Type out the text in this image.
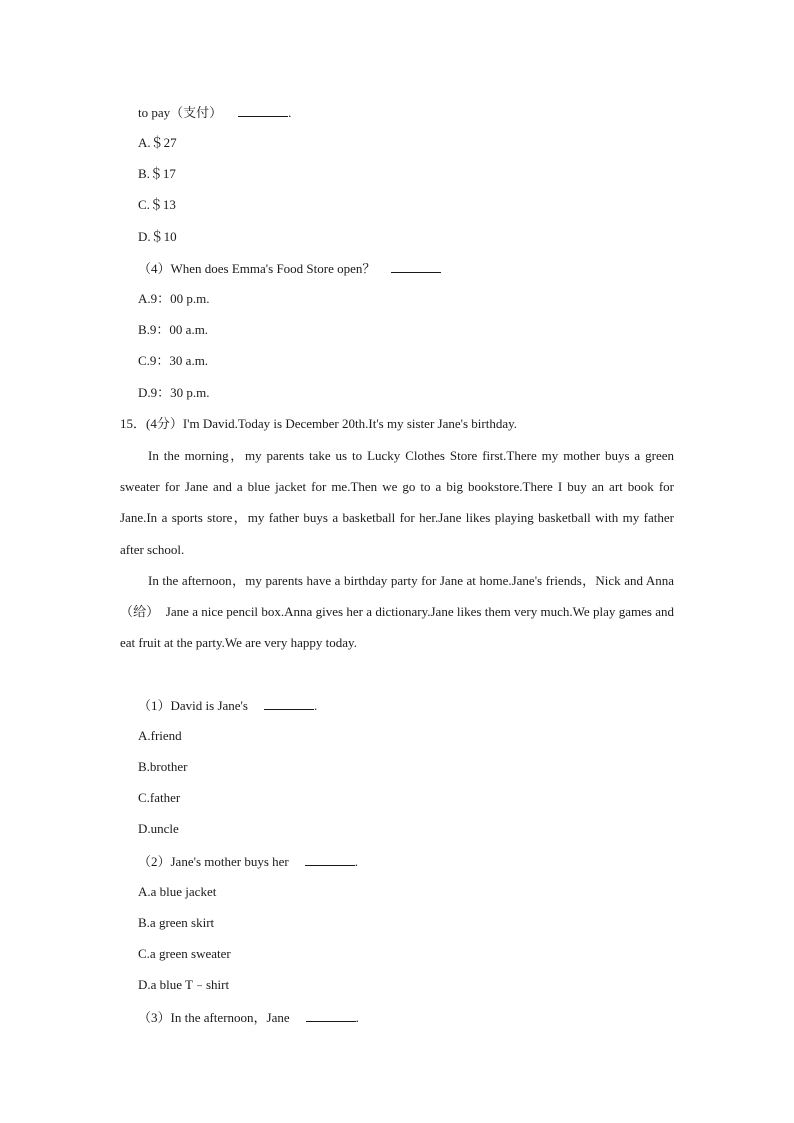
to pay（支付）	.
A.＄27
B.＄17
C.＄13
D.＄10
（4）When does Emma's Food Store open？
A.9：00 p.m.
B.9：00 a.m.
C.9：30 a.m.
D.9：30 p.m.
15．(4分）I'm David.Today is December 20th.It's my sister Jane's birthday.
In the morning，my parents take us to Lucky Clothes Store first.There my mother buys a green sweater for Jane and a blue jacket for me.Then we go to a big bookstore.There I buy an art book for Jane.In a sports store，my father buys a basketball for her.Jane likes playing basketball with my father after school.
In the afternoon，my parents have a birthday party for Jane at home.Jane's friends，Nick and Anna（给）　Jane a nice pencil box.Anna gives her a dictionary.Jane likes them very much.We play games and eat fruit at the party.We are very happy today.
（1）David is Jane's	.
A.friend
B.brother
C.father
D.uncle
（2）Jane's mother buys her	.
A.a blue jacket
B.a green skirt
C.a green sweater
D.a blue T﹣shirt
（3）In the afternoon，Jane	.
